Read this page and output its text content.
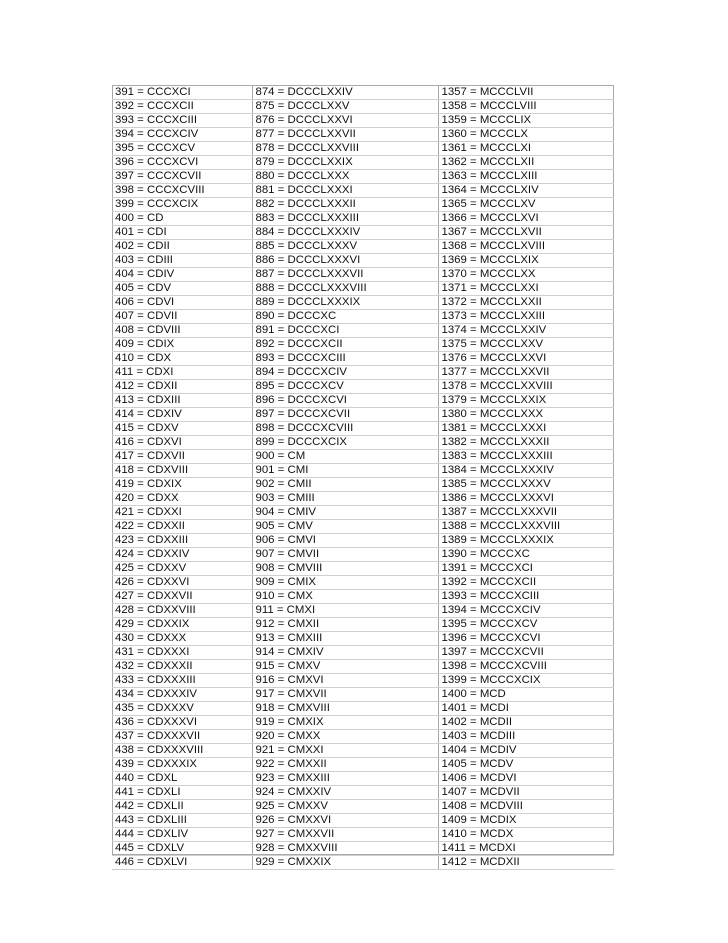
391 = CCCXCI	874 = DCCCLXXIV	1357 = MCCCLVII
392 = CCCXCII	875 = DCCCLXXV	1358 = MCCCLVIII
393 = CCCXCIII	876 = DCCCLXXVI	1359 = MCCCLIX
394 = CCCXCIV	877 = DCCCLXXVII	1360 = MCCCLX
395 = CCCXCV	878 = DCCCLXXVIII	1361 = MCCCLXI
396 = CCCXCVI	879 = DCCCLXXIX	1362 = MCCCLXII
397 = CCCXCVII	880 = DCCCLXXX	1363 = MCCCLXIII
398 = CCCXCVIII	881 = DCCCLXXXI	1364 = MCCCLXIV
399 = CCCXCIX	882 = DCCCLXXXII	1365 = MCCCLXV
400 = CD	883 = DCCCLXXXIII	1366 = MCCCLXVI
401 = CDI	884 = DCCCLXXXIV	1367 = MCCCLXVII
402 = CDII	885 = DCCCLXXXV	1368 = MCCCLXVIII
403 = CDIII	886 = DCCCLXXXVI	1369 = MCCCLXIX
404 = CDIV	887 = DCCCLXXXVII	1370 = MCCCLXX
405 = CDV	888 = DCCCLXXXVIII	1371 = MCCCLXXI
406 = CDVI	889 = DCCCLXXXIX	1372 = MCCCLXXII
407 = CDVII	890 = DCCCXC	1373 = MCCCLXXIII
408 = CDVIII	891 = DCCCXCI	1374 = MCCCLXXIV
409 = CDIX	892 = DCCCXCII	1375 = MCCCLXXV
410 = CDX	893 = DCCCXCIII	1376 = MCCCLXXVI
411 = CDXI	894 = DCCCXCIV	1377 = MCCCLXXVII
412 = CDXII	895 = DCCCXCV	1378 = MCCCLXXVIII
413 = CDXIII	896 = DCCCXCVI	1379 = MCCCLXXIX
414 = CDXIV	897 = DCCCXCVII	1380 = MCCCLXXX
415 = CDXV	898 = DCCCXCVIII	1381 = MCCCLXXXI
416 = CDXVI	899 = DCCCXCIX	1382 = MCCCLXXXII
417 = CDXVII	900 = CM	1383 = MCCCLXXXIII
418 = CDXVIII	901 = CMI	1384 = MCCCLXXXIV
419 = CDXIX	902 = CMII	1385 = MCCCLXXXV
420 = CDXX	903 = CMIII	1386 = MCCCLXXXVI
421 = CDXXI	904 = CMIV	1387 = MCCCLXXXVII
422 = CDXXII	905 = CMV	1388 = MCCCLXXXVIII
423 = CDXXIII	906 = CMVI	1389 = MCCCLXXXIX
424 = CDXXIV	907 = CMVII	1390 = MCCCXC
425 = CDXXV	908 = CMVIII	1391 = MCCCXCI
426 = CDXXVI	909 = CMIX	1392 = MCCCXCII
427 = CDXXVII	910 = CMX	1393 = MCCCXCIII
428 = CDXXVIII	911 = CMXI	1394 = MCCCXCIV
429 = CDXXIX	912 = CMXII	1395 = MCCCXCV
430 = CDXXX	913 = CMXIII	1396 = MCCCXCVI
431 = CDXXXI	914 = CMXIV	1397 = MCCCXCVII
432 = CDXXXII	915 = CMXV	1398 = MCCCXCVIII
433 = CDXXXIII	916 = CMXVI	1399 = MCCCXCIX
434 = CDXXXIV	917 = CMXVII	1400 = MCD
435 = CDXXXV	918 = CMXVIII	1401 = MCDI
436 = CDXXXVI	919 = CMXIX	1402 = MCDII
437 = CDXXXVII	920 = CMXX	1403 = MCDIII
438 = CDXXXVIII	921 = CMXXI	1404 = MCDIV
439 = CDXXXIX	922 = CMXXII	1405 = MCDV
440 = CDXL	923 = CMXXIII	1406 = MCDVI
441 = CDXLI	924 = CMXXIV	1407 = MCDVII
442 = CDXLII	925 = CMXXV	1408 = MCDVIII
443 = CDXLIII	926 = CMXXVI	1409 = MCDIX
444 = CDXLIV	927 = CMXXVII	1410 = MCDX
445 = CDXLV	928 = CMXXVIII	1411 = MCDXI
446 = CDXLVI	929 = CMXXIX	1412 = MCDXII
